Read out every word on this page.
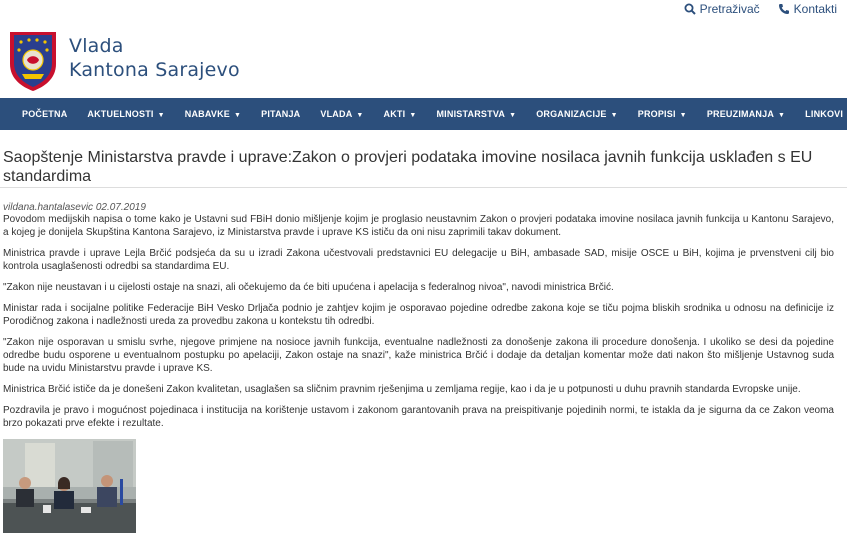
Pretraživač	Kontakti
Vlada
Kantona Sarajevo
POČETNA	AKTUELNOSTI ▼	NABAVKE ▼	PITANJA	VLADA ▼	AKTI ▼	MINISTARSTVA ▼	ORGANIZACIJE ▼	PROPISI ▼	PREUZIMANJA ▼	LINKOVI ▼
Saopštenje Ministarstva pravde i uprave:Zakon o provjeri podataka imovine nosilaca javnih funkcija usklađen s EU standardima
vildana.hantalasevic 02.07.2019

Povodom medijskih napisa o tome kako je Ustavni sud FBiH donio mišljenje kojim je proglasio neustavnim Zakon o provjeri podataka imovine nosilaca javnih funkcija u Kantonu Sarajevo, a kojeg je donijela Skupština Kantona Sarajevo, iz Ministarstva pravde i uprave KS ističu da oni nisu zaprimili takav dokument.

Ministrica pravde i uprave Lejla Brčić podsjeća da su u izradi Zakona učestvovali predstavnici EU delegacije u BiH, ambasade SAD, misije OSCE u BiH, kojima je prvenstveni cilj bio kontrola usaglašenosti odredbi sa standardima EU.

"Zakon nije neustavan i u cijelosti ostaje na snazi, ali očekujemo da će biti upućena i apelacija s federalnog nivoa", navodi ministrica Brčić.

Ministar rada i socijalne politike Federacije BiH Vesko Drljača podnio je zahtjev kojim je osporavao pojedine odredbe zakona koje se tiču pojma bliskih srodnika u odnosu na definicije iz Porodičnog zakona i nadležnosti ureda za provedbu zakona u kontekstu tih odredbi.

"Zakon nije osporavan u smislu svrhe, njegove primjene na nosioce javnih funkcija, eventualne nadležnosti za donošenje zakona ili procedure donošenja. I ukoliko se desi da pojedine odredbe budu osporene u eventualnom postupku po apelaciji, Zakon ostaje na snazi", kaže ministrica Brčić i dodaje da detaljan komentar može dati nakon što mišljenje Ustavnog suda bude na uvidu Ministarstvu pravde i uprave KS.

Ministrica Brčić ističe da je donešeni Zakon kvalitetan, usaglašen sa sličnim pravnim rješenjima u zemljama regije, kao i da je u potpunosti u duhu pravnih standarda Evropske unije.

Pozdravila je pravo i mogućnost pojedinaca i institucija na korištenje ustavom i zakonom garantovanih prava na preispitivanje pojedinih normi, te istakla da je sigurna da ce Zakon veoma brzo pokazati prve efekte i rezultate.
